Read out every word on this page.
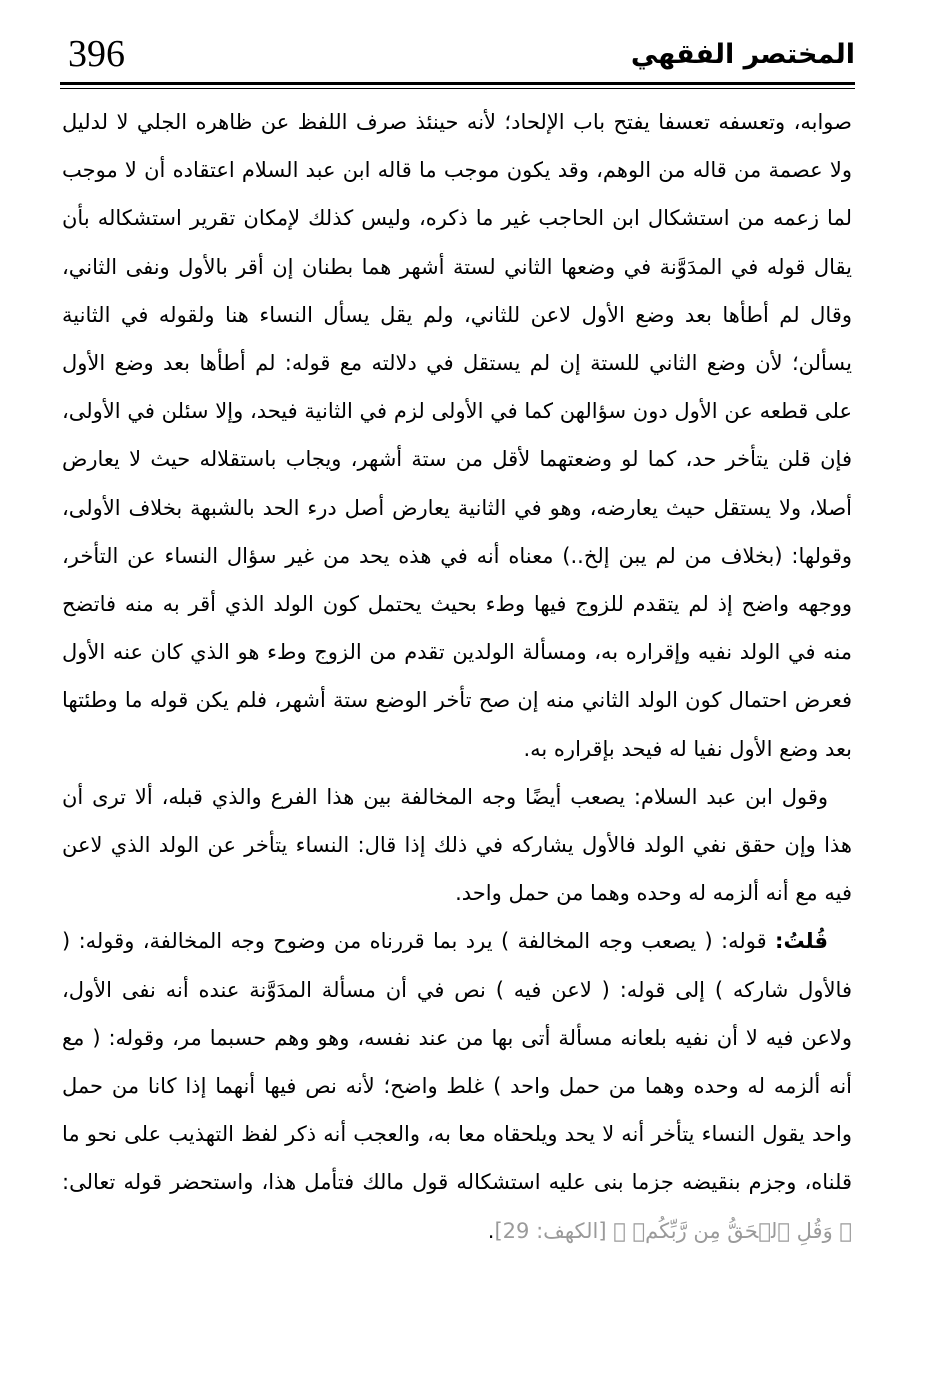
396	المختصر الفقهي

صوابه، وتعسفه تعسفا يفتح باب الإلحاد؛ لأنه حينئذ صرف اللفظ عن ظاهره الجلي لا لدليل ولا عصمة من قاله من الوهم، وقد يكون موجب ما قاله ابن عبد السلام اعتقاده أن لا موجب لما زعمه من استشكال ابن الحاجب غير ما ذكره، وليس كذلك لإمكان تقرير استشكاله بأن يقال قوله في المدَوَّنة في وضعها الثاني لستة أشهر هما بطنان إن أقر بالأول ونفى الثاني، وقال لم أطأها بعد وضع الأول لاعن للثاني، ولم يقل يسأل النساء هنا ولقوله في الثانية يسألن؛ لأن وضع الثاني للستة إن لم يستقل في دلالته مع قوله: لم أطأها بعد وضع الأول على قطعه عن الأول دون سؤالهن كما في الأولى لزم في الثانية فيحد، وإلا سئلن في الأولى، فإن قلن يتأخر حد، كما لو وضعتهما لأقل من ستة أشهر، ويجاب باستقلاله حيث لا يعارض أصلا، ولا يستقل حيث يعارضه، وهو في الثانية يعارض أصل درء الحد بالشبهة بخلاف الأولى، وقولها: (بخلاف من لم يبن إلخ..) معناه أنه في هذه يحد من غير سؤال النساء عن التأخر، ووجهه واضح إذ لم يتقدم للزوج فيها وطء بحيث يحتمل كون الولد الذي أقر به منه فاتضح منه في الولد نفيه وإقراره به، ومسألة الولدين تقدم من الزوج وطء هو الذي كان عنه الأول فعرض احتمال كون الولد الثاني منه إن صح تأخر الوضع ستة أشهر، فلم يكن قوله ما وطئتها بعد وضع الأول نفيا له فيحد بإقراره به.

وقول ابن عبد السلام: يصعب أيضًا وجه المخالفة بين هذا الفرع والذي قبله، ألا ترى أن هذا وإن حقق نفي الولد فالأول يشاركه في ذلك إذا قال: النساء يتأخر عن الولد الذي لاعن فيه مع أنه ألزمه له وحده وهما من حمل واحد.

قُلتُ: قوله: ( يصعب وجه المخالفة ) يرد بما قررناه من وضوح وجه المخالفة، وقوله: ( فالأول شاركه ) إلى قوله: ( لاعن فيه ) نص في أن مسألة المدَوَّنة عنده أنه نفى الأول، ولاعن فيه لا أن نفيه بلعانه مسألة أتى بها من عند نفسه، وهو وهم حسبما مر، وقوله: ( مع أنه ألزمه له وحده وهما من حمل واحد ) غلط واضح؛ لأنه نص فيها أنهما إذا كانا من حمل واحد يقول النساء يتأخر أنه لا يحد ويلحقاه معا به، والعجب أنه ذكر لفظ التهذيب على نحو ما قلناه، وجزم بنقيضه جزما بنى عليه استشكاله قول مالك فتأمل هذا، واستحضر قوله تعالى: ﴿ وَقُلِ ٱلۡحَقُّ مِن رَّبِّكُمۡ ﴾ [الكهف: 29].
